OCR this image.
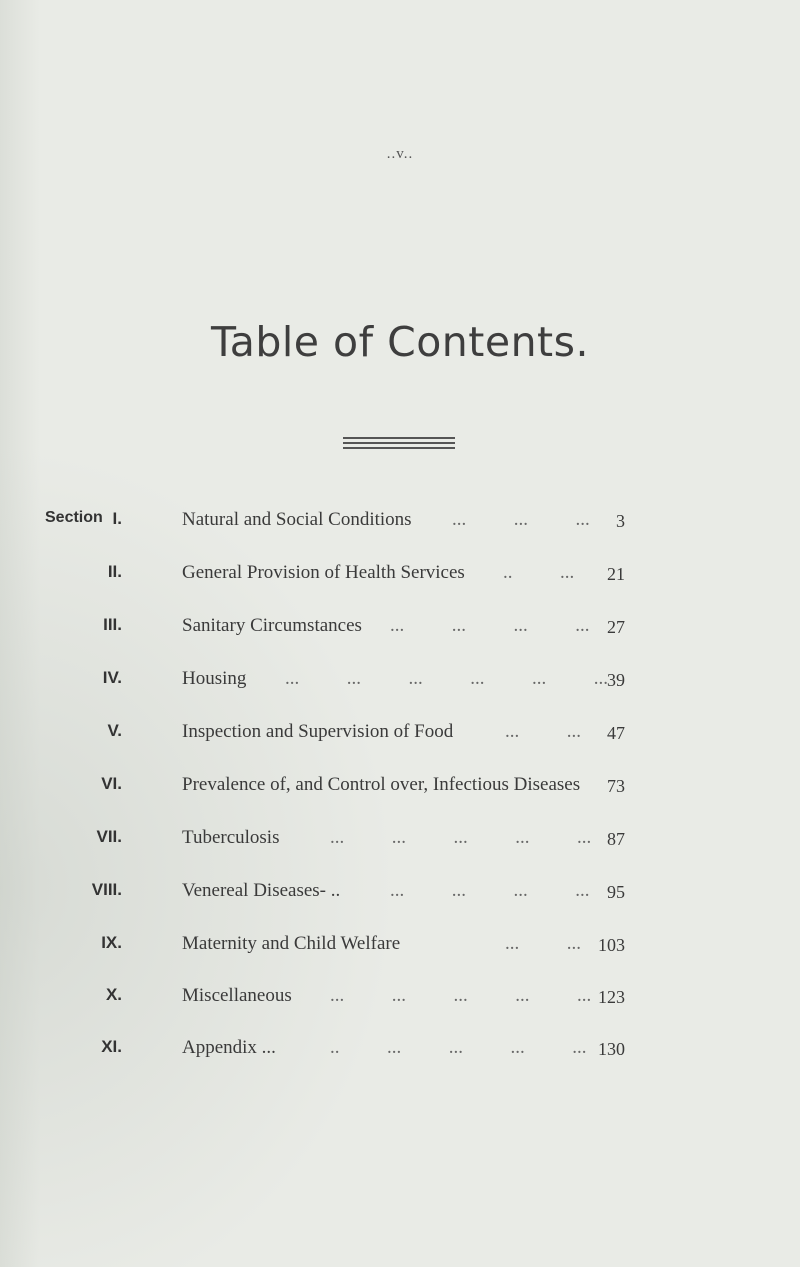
..v..
Table of Contents.
Section I.	Natural and Social Conditions ...          ...          ... 3
II.	General Provision of Health Services ..          ... 21
III.	Sanitary Circumstances ...          ...          ...          ... 27
IV.	Housing ...          ...          ...          ...          ...          ... 39
V.	Inspection and Supervision of Food	...          ... 47
VI.	Prevalence of, and Control over, Infectious Diseases 73
VII.	Tuberculosis	...          ...          ...          ...          ... 87
VIII.	Venereal Diseases- ..	...          ...          ...          ... 95
IX.	Maternity and Child Welfare	...          ... 103
X.	Miscellaneous ...          ...          ...          ...          ... 123
XI.	Appendix ...	..          ...          ...          ...          ... 130
